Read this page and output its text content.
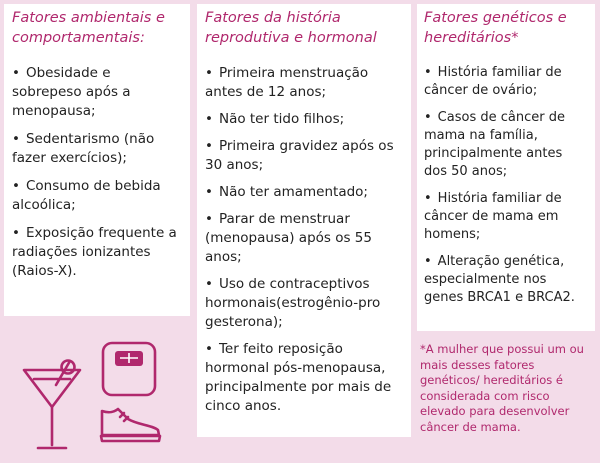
Fatores ambientais e comportamentais:

• Obesidade e sobrepeso após a menopausa;
• Sedentarismo (não fazer exercícios);
• Consumo de bebida alcoólica;
• Exposição frequente a radiações ionizantes (Raios-X).

Fatores da história reprodutiva e hormonal

• Primeira menstruação antes de 12 anos;
• Não ter tido filhos;
• Primeira gravidez após os 30 anos;
• Não ter amamentado;
• Parar de menstruar (menopausa) após os 55 anos;
• Uso de contraceptivos hormonais(estrogênio-pro gesterona);
• Ter feito reposição hormonal pós-menopausa, principalmente por mais de cinco anos.

Fatores genéticos e hereditários*

• História familiar de câncer de ovário;
• Casos de câncer de mama na família, principalmente antes dos 50 anos;
• História familiar de câncer de mama em homens;
• Alteração genética, especialmente nos genes BRCA1 e BRCA2.

*A mulher que possui um ou mais desses fatores genéticos/ hereditários é considerada com risco elevado para desenvolver câncer de mama.
